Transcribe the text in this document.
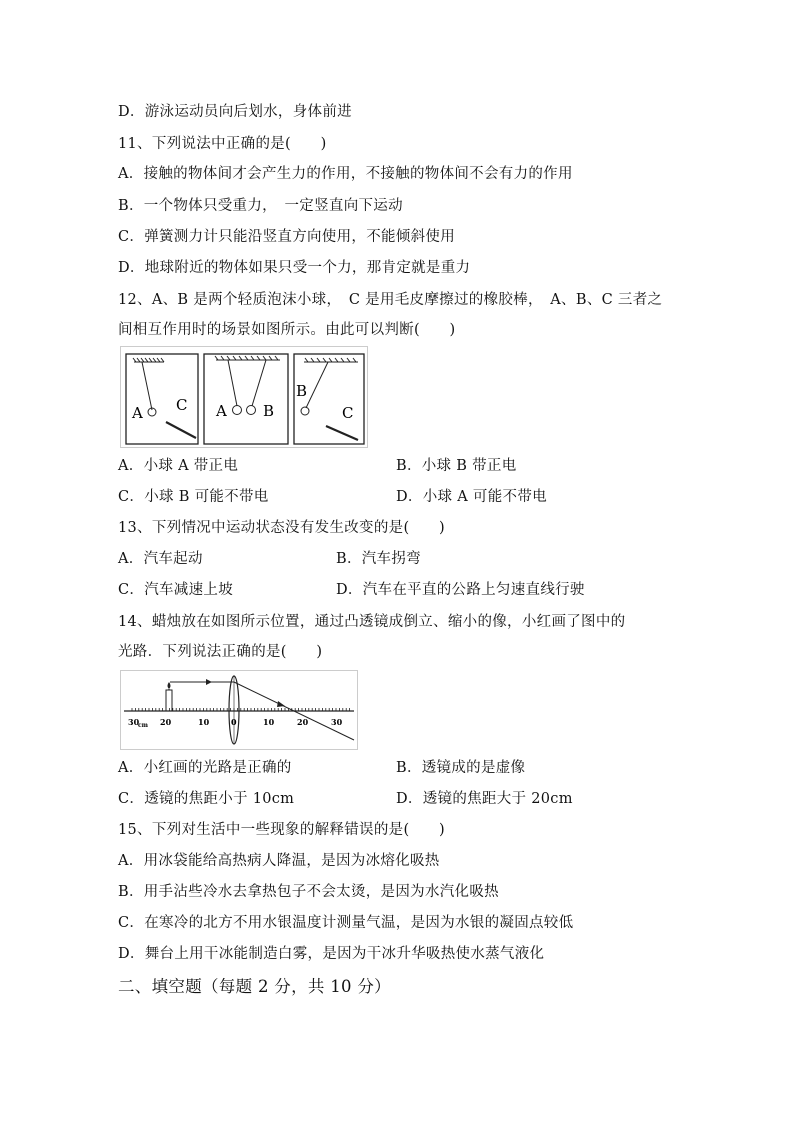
D．游泳运动员向后划水，身体前进
11、下列说法中正确的是(　　)
A．接触的物体间才会产生力的作用，不接触的物体间不会有力的作用
B．一个物体只受重力，　一定竖直向下运动
C．弹簧测力计只能沿竖直方向使用，不能倾斜使用
D．地球附近的物体如果只受一个力，那肯定就是重力
12、A、B 是两个轻质泡沫小球，　C 是用毛皮摩擦过的橡胶棒，　A、B、C 三者之
间相互作用时的场景如图所示。由此可以判断(　　)
A C A B
B
C
A．小球 A 带正电	B．小球 B 带正电
C．小球 B 可能不带电	D．小球 A 可能不带电
13、下列情况中运动状态没有发生改变的是(　　)
A．汽车起动	B．汽车拐弯
C．汽车减速上坡	D．汽车在平直的公路上匀速直线行驶
14、蜡烛放在如图所示位置，通过凸透镜成倒立、缩小的像，小红画了图中的
光路．下列说法正确的是(　　)
30
cm 20	10	0	10	20	30
A．小红画的光路是正确的	B．透镜成的是虚像
C．透镜的焦距小于 10cm	D．透镜的焦距大于 20cm
15、下列对生活中一些现象的解释错误的是(　　)
A．用冰袋能给高热病人降温，是因为冰熔化吸热
B．用手沾些冷水去拿热包子不会太烫，是因为水汽化吸热
C．在寒冷的北方不用水银温度计测量气温，是因为水银的凝固点较低
D．舞台上用干冰能制造白雾，是因为干冰升华吸热使水蒸气液化
二、填空题（每题 2 分，共 10 分）
